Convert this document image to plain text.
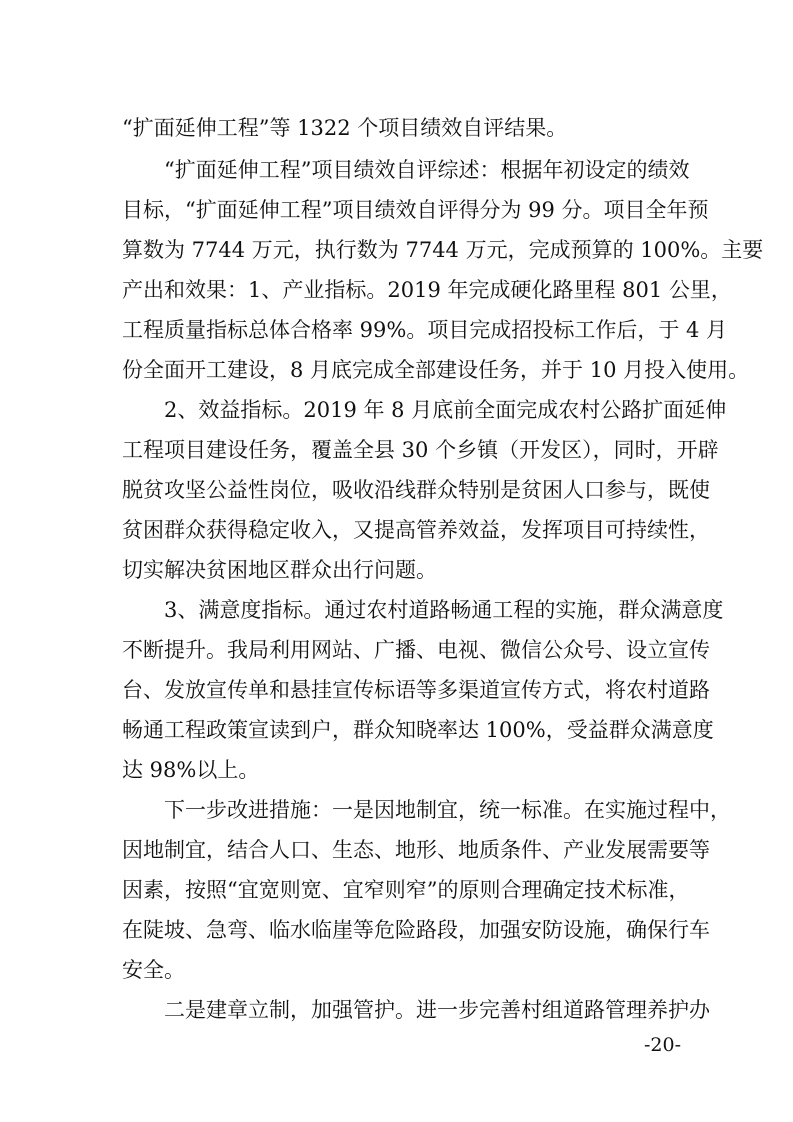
“扩面延伸工程”等 1322 个项目绩效自评结果。
“扩面延伸工程”项目绩效自评综述：根据年初设定的绩效
目标，“扩面延伸工程”项目绩效自评得分为 99 分。项目全年预
算数为 7744 万元，执行数为 7744 万元，完成预算的 100%。主要
产出和效果：1、产业指标。2019 年完成硬化路里程 801 公里，
工程质量指标总体合格率 99%。项目完成招投标工作后，于 4 月
份全面开工建设，8 月底完成全部建设任务，并于 10 月投入使用。
2、效益指标。2019 年 8 月底前全面完成农村公路扩面延伸
工程项目建设任务，覆盖全县 30 个乡镇（开发区），同时，开辟
脱贫攻坚公益性岗位，吸收沿线群众特别是贫困人口参与，既使
贫困群众获得稳定收入，又提高管养效益，发挥项目可持续性，
切实解决贫困地区群众出行问题。
3、满意度指标。通过农村道路畅通工程的实施，群众满意度
不断提升。我局利用网站、广播、电视、微信公众号、设立宣传
台、发放宣传单和悬挂宣传标语等多渠道宣传方式，将农村道路
畅通工程政策宣读到户，群众知晓率达 100%，受益群众满意度
达 98%以上。
下一步改进措施：一是因地制宜，统一标准。在实施过程中，
因地制宜，结合人口、生态、地形、地质条件、产业发展需要等
因素，按照“宜宽则宽、宜窄则窄”的原则合理确定技术标准，
在陡坡、急弯、临水临崖等危险路段，加强安防设施，确保行车
安全。
二是建章立制，加强管护。进一步完善村组道路管理养护办
-20-
